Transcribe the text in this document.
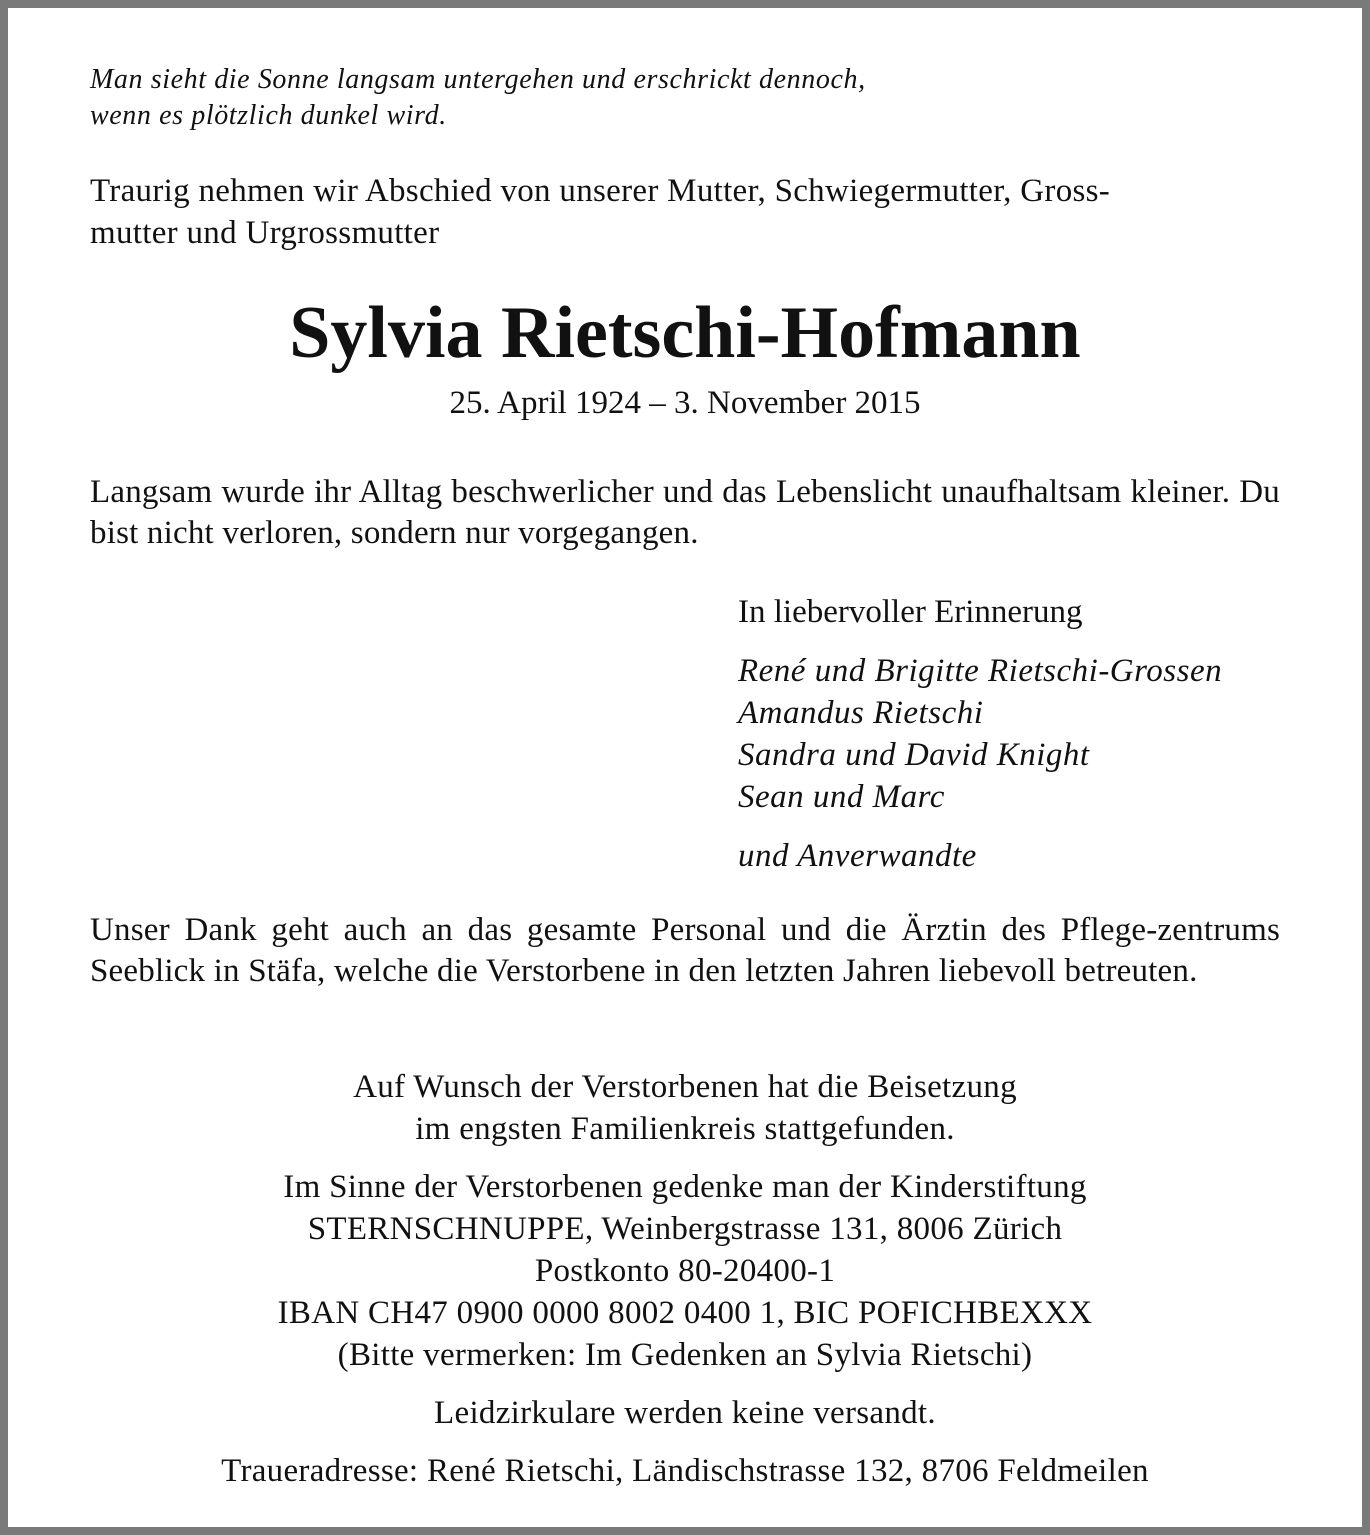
Man sieht die Sonne langsam untergehen und erschrickt dennoch,
wenn es plötzlich dunkel wird.
Traurig nehmen wir Abschied von unserer Mutter, Schwiegermutter, Gross-
mutter und Urgrossmutter
Sylvia Rietschi-Hofmann
25. April 1924 – 3. November 2015
Langsam wurde ihr Alltag beschwerlicher und das Lebenslicht unaufhaltsam kleiner. Du bist nicht verloren, sondern nur vorgegangen.
In liebervoller Erinnerung
René und Brigitte Rietschi-Grossen
Amandus Rietschi
Sandra und David Knight
Sean und Marc
und Anverwandte
Unser Dank geht auch an das gesamte Personal und die Ärztin des Pflege-zentrums Seeblick in Stäfa, welche die Verstorbene in den letzten Jahren liebevoll betreuten.
Auf Wunsch der Verstorbenen hat die Beisetzung
im engsten Familienkreis stattgefunden.
Im Sinne der Verstorbenen gedenke man der Kinderstiftung
STERNSCHNUPPE, Weinbergstrasse 131, 8006 Zürich
Postkonto 80-20400-1
IBAN CH47 0900 0000 8002 0400 1, BIC POFICHBEXXX
(Bitte vermerken: Im Gedenken an Sylvia Rietschi)
Leidzirkulare werden keine versandt.
Traueradresse: René Rietschi, Ländischstrasse 132, 8706 Feldmeilen
